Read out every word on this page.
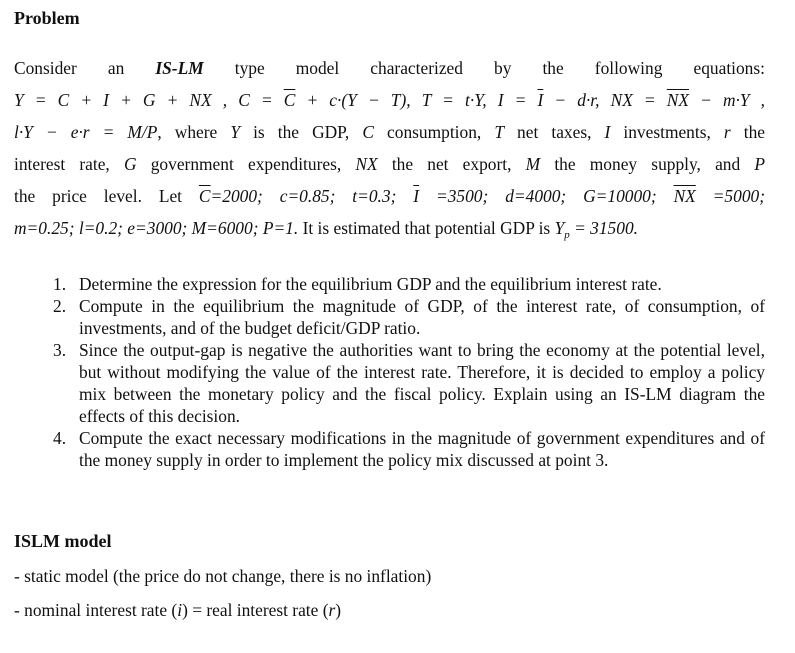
Problem
Consider an IS-LM type model characterized by the following equations:
Y = C + I + G + NX , $C = \overline{C} + c\cdot(Y - T)$, T = t·Y, $I = \overline{I} - d\cdot r$, NX = $\overline{NX} - m\cdot Y$ ,
l·Y − e·r = M/P, where Y is the GDP, C consumption, T net taxes, I investments, r the
interest rate, G government expenditures, NX the net export, M the money supply, and P
the price level. Let $\overline{C}=2000$; c=0.85; t=0.3; $\overline{I} =3500$; d=4000; G=10000; $\overline{NX} =5000$;
m=0.25; l=0.2; e=3000; M=6000; P=1. It is estimated that potential GDP is $Y_p = 31500$.
1. Determine the expression for the equilibrium GDP and the equilibrium interest rate.
2. Compute in the equilibrium the magnitude of GDP, of the interest rate, of consumption, of investments, and of the budget deficit/GDP ratio.
3. Since the output-gap is negative the authorities want to bring the economy at the potential level, but without modifying the value of the interest rate. Therefore, it is decided to employ a policy mix between the monetary policy and the fiscal policy. Explain using an IS-LM diagram the effects of this decision.
4. Compute the exact necessary modifications in the magnitude of government expenditures and of the money supply in order to implement the policy mix discussed at point 3.
ISLM model
- static model (the price do not change, there is no inflation)
- nominal interest rate (i) = real interest rate (r)
